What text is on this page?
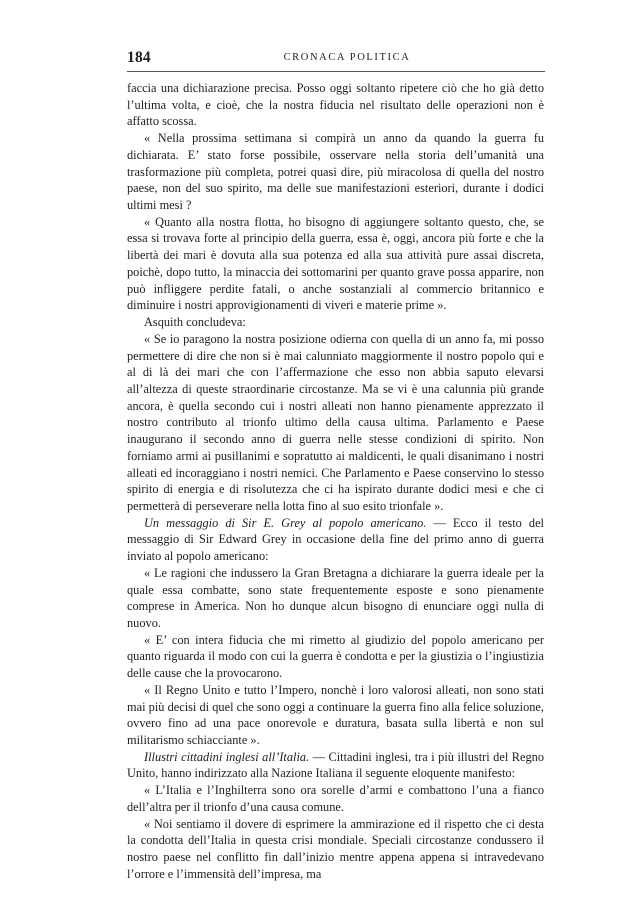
184	CRONACA POLITICA

faccia una dichiarazione precisa. Posso oggi soltanto ripetere ciò che ho già detto l’ultima volta, e cioè, che la nostra fiducia nel risultato delle operazioni non è affatto scossa.

« Nella prossima settimana si compirà un anno da quando la guerra fu dichiarata. E’ stato forse possibile, osservare nella storia dell’umanità una trasformazione più completa, potrei quasi dire, più miracolosa di quella del nostro paese, non del suo spirito, ma delle sue manifestazioni esteriori, durante i dodici ultimi mesi ?

« Quanto alla nostra flotta, ho bisogno di aggiungere soltanto questo, che, se essa si trovava forte al principio della guerra, essa è, oggi, ancora più forte e che la libertà dei mari è dovuta alla sua potenza ed alla sua attività pure assai discreta, poichè, dopo tutto, la minaccia dei sottomarini per quanto grave possa apparire, non può infliggere perdite fatali, o anche sostanziali al commercio britannico e diminuire i nostri approvigionamenti di viveri e materie prime ».

Asquith concludeva:

« Se io paragono la nostra posizione odierna con quella di un anno fa, mi posso permettere di dire che non si è mai calunniato maggiormente il nostro popolo qui e al di là dei mari che con l’affermazione che esso non abbia saputo elevarsi all’altezza di queste straordinarie circostanze. Ma se vi è una calunnia più grande ancora, è quella secondo cui i nostri alleati non hanno pienamente apprezzato il nostro contributo al trionfo ultimo della causa ultima. Parlamento e Paese inaugurano il secondo anno di guerra nelle stesse condizioni di spirito. Non forniamo armi ai pusillanimi e sopratutto ai maldicenti, le quali disanimano i nostri alleati ed incoraggiano i nostri nemici. Che Parlamento e Paese conservino lo stesso spirito di energia e di risolutezza che ci ha ispirato durante dodici mesi e che ci permetterà di perseverare nella lotta fino al suo esito trionfale ».

Un messaggio di Sir E. Grey al popolo americano. — Ecco il testo del messaggio di Sir Edward Grey in occasione della fine del primo anno di guerra inviato al popolo americano:

« Le ragioni che indussero la Gran Bretagna a dichiarare la guerra ideale per la quale essa combatte, sono state frequentemente esposte e sono pienamente comprese in America. Non ho dunque alcun bisogno di enunciare oggi nulla di nuovo.

« E’ con intera fiducia che mi rimetto al giudizio del popolo americano per quanto riguarda il modo con cui la guerra è condotta e per la giustizia o l’ingiustizia delle cause che la provocarono.

« Il Regno Unito e tutto l’Impero, nonchè i loro valorosi alleati, non sono stati mai più decisi di quel che sono oggi a continuare la guerra fino alla felice soluzione, ovvero fino ad una pace onorevole e duratura, basata sulla libertà e non sul militarismo schiacciante ».

Illustri cittadini inglesi all’Italia. — Cittadini inglesi, tra i più illustri del Regno Unito, hanno indirizzato alla Nazione Italiana il seguente eloquente manifesto:

« L’Italia e l’Inghilterra sono ora sorelle d’armi e combattono l’una a fianco dell’altra per il trionfo d’una causa comune.

« Noi sentiamo il dovere di esprimere la ammirazione ed il rispetto che ci desta la condotta dell’Italia in questa crisi mondiale. Speciali circostanze condussero il nostro paese nel conflitto fin dall’inizio mentre appena appena si intravedevano l’orrore e l’immensità dell’impresa, ma
